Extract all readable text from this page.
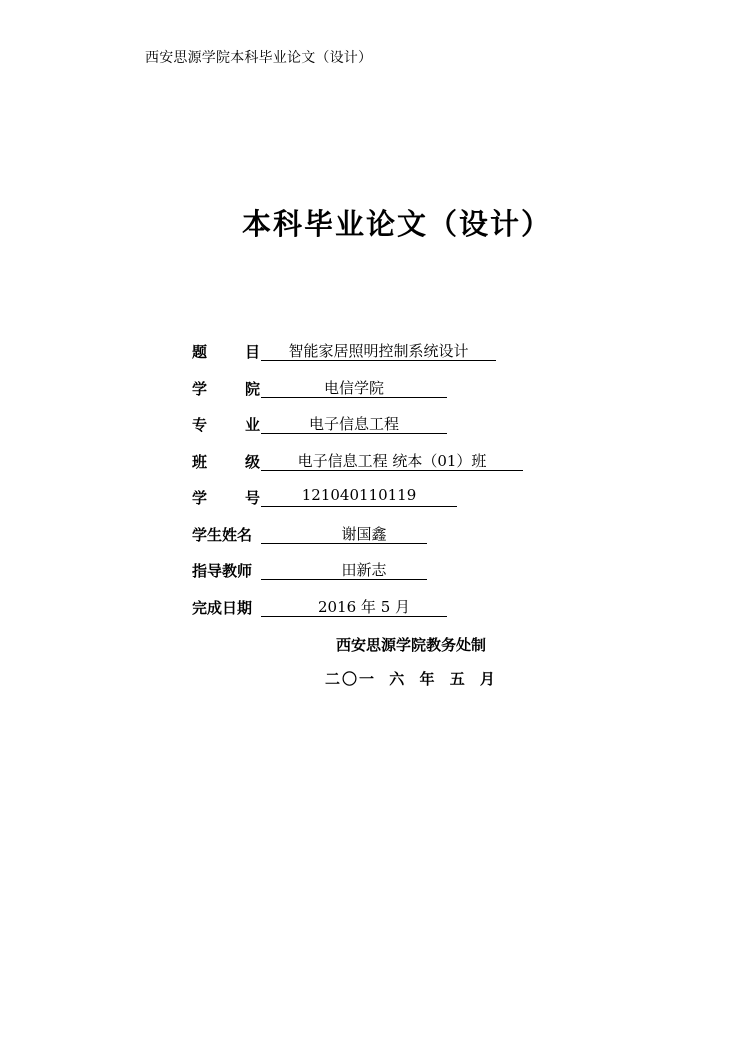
西安思源学院本科毕业论文（设计）
本科毕业论文（设计）
题	目	智能家居照明控制系统设计
学	院	电信学院
专	业	电子信息工程
班	级	电子信息工程 统本（01）班
学	号	121040110119
学生姓名	谢国鑫
指导教师	田新志
完成日期	2016 年 5 月
西安思源学院教务处制
二〇一 六 年 五 月
